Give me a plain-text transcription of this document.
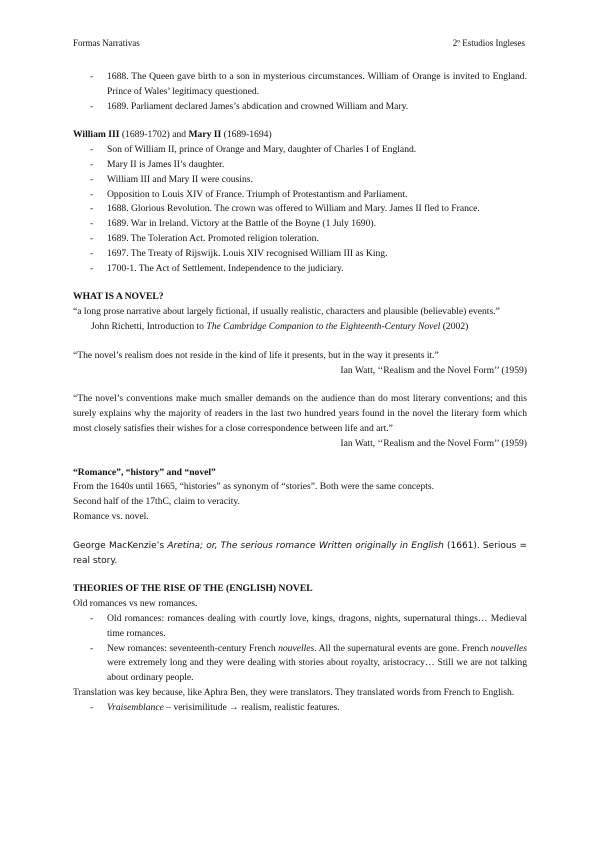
Formas Narrativas	2º Estudios Ingleses
- 1688. The Queen gave birth to a son in mysterious circumstances. William of Orange is invited to England. Prince of Wales’ legitimacy questioned.
- 1689. Parliament declared James’s abdication and crowned William and Mary.

William III (1689-1702) and Mary II (1689-1694)

- Son of William II, prince of Orange and Mary, daughter of Charles I of England.
- Mary II is James II’s daughter.
- William III and Mary II were cousins.
- Opposition to Louis XIV of France. Triumph of Protestantism and Parliament.
- 1688. Glorious Revolution. The crown was offered to William and Mary. James II fled to France.
- 1689. War in Ireland. Victory at the Battle of the Boyne (1 July 1690).
- 1689. The Toleration Act. Promoted religion toleration.
- 1697. The Treaty of Rijswijk. Louis XIV recognised William III as King.
- 1700-1. The Act of Settlement. Independence to the judiciary.

WHAT IS A NOVEL?

“a long prose narrative about largely fictional, if usually realistic, characters and plausible (believable) events.”

John Richetti, Introduction to The Cambridge Companion to the Eighteenth-Century Novel (2002)

“The novel’s realism does not reside in the kind of life it presents, but in the way it presents it.”

Ian Watt, ‘‘Realism and the Novel Form’’ (1959)

“The novel’s conventions make much smaller demands on the audience than do most literary conventions; and this surely explains why the majority of readers in the last two hundred years found in the novel the literary form which most closely satisfies their wishes for a close correspondence between life and art.”

Ian Watt, ‘‘Realism and the Novel Form’’ (1959)

“Romance”, “history” and “novel”

From the 1640s until 1665, “histories” as synonym of “stories”. Both were the same concepts.

Second half of the 17thC, claim to veracity.

Romance vs. novel.

George MacKenzie’s Aretina; or, The serious romance Written originally in English (1661). Serious = real story.

THEORIES OF THE RISE OF THE (ENGLISH) NOVEL

Old romances vs new romances.

- Old romances: romances dealing with courtly love, kings, dragons, nights, supernatural things… Medieval time romances.
- New romances: seventeenth-century French nouvelles. All the supernatural events are gone. French nouvelles were extremely long and they were dealing with stories about royalty, aristocracy… Still we are not talking about ordinary people.

Translation was key because, like Aphra Ben, they were translators. They translated words from French to English.

- Vraisemblance – verisimilitude → realism, realistic features.
